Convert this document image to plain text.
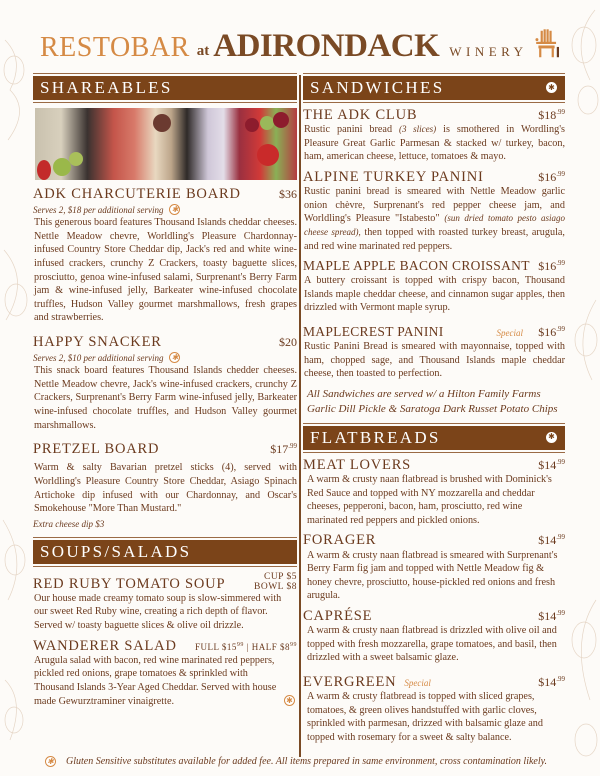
RESTOBAR at ADIRONDACK WINERY
SHAREABLES
ADK CHARCUTERIE BOARD	$36
Serves 2, $18 per additional serving ✱
This generous board features Thousand Islands cheddar cheeses. Nettle Meadow chevre, Worldling's Pleasure Chardonnay-infused Country Store Cheddar dip, Jack's red and white wine-infused crackers, crunchy Z Crackers, toasty baguette slices, prosciutto, genoa wine-infused salami, Surprenant's Berry Farm jam & wine-infused jelly, Barkeater wine-infused chocolate truffles, Hudson Valley gourmet marshmallows, fresh grapes and strawberries.
HAPPY SNACKER	$20
Serves 2, $10 per additional serving ✱
This snack board features Thousand Islands chedder cheeses. Nettle Meadow chevre, Jack's wine-infused crackers, crunchy Z Crackers, Surprenant's Berry Farm wine-infused jelly, Barkeater wine-infused chocolate truffles, and Hudson Valley gourmet marshmallows.
PRETZEL BOARD	$\$17^{.99}$
Warm & salty Bavarian pretzel sticks (4), served with Worldling's Pleasure Country Store Cheddar, Asiago Spinach Artichoke dip infused with our Chardonnay, and Oscar's Smokehouse "More Than Mustard."
Extra cheese dip $3
SOUPS/SALADS
RED RUBY TOMATO SOUP	CUP $5
BOWL $8
Our house made creamy tomato soup is slow-simmered with our sweet Red Ruby wine, creating a rich depth of flavor. Served w/ toasty baguette slices & olive oil drizzle.
WANDERER SALAD FULL $\$15^{99}$ | HALF $\$8^{99}$
Arugula salad with bacon, red wine marinated red peppers, pickled red onions, grape tomatoes & sprinkled with Thousand Islands 3-Year Aged Cheddar. Served with house made Gewurztraminer vinaigrette.	✱
SANDWICHES	✱
THE ADK CLUB	$\$18^{.99}$
Rustic panini bread (3 slices) is smothered in Wordling's Pleasure Great Garlic Parmesan & stacked w/ turkey, bacon, ham, american cheese, lettuce, tomatoes & mayo.
ALPINE TURKEY PANINI	$\$16^{.99}$
Rustic panini bread is smeared with Nettle Meadow garlic onion chèvre, Surprenant's red pepper cheese jam, and Worldling's Pleasure "Istabesto" (sun dried tomato pesto asiago cheese spread), then topped with roasted turkey breast, arugula, and red wine marinated red peppers.
MAPLE APPLE BACON CROISSANT $\$16^{.99}$
A buttery croissant is topped with crispy bacon, Thousand Islands maple cheddar cheese, and cinnamon sugar apples, then drizzled with Vermont maple syrup.
MAPLECREST PANINI	Special $\$16^{.99}$
Rustic Panini Bread is smeared with mayonnaise, topped with ham, chopped sage, and Thousand Islands maple cheddar cheese, then toasted to perfection.
All Sandwiches are served w/ a Hilton Family Farms Garlic Dill Pickle & Saratoga Dark Russet Potato Chips
FLATBREADS	✱
MEAT LOVERS	$\$14^{.99}$
A warm & crusty naan flatbread is brushed with Dominick's Red Sauce and topped with NY mozzarella and cheddar cheeses, pepperoni, bacon, ham, prosciutto, red wine marinated red peppers and pickled onions.
FORAGER	$\$14^{.99}$
A warm & crusty naan flatbread is smeared with Surprenant's Berry Farm fig jam and topped with Nettle Meadow fig & honey chevre, prosciutto, house-pickled red onions and fresh arugula.
CAPRÉSE	$\$14^{.99}$
A warm & crusty naan flatbread is drizzled with olive oil and topped with fresh mozzarella, grape tomatoes, and basil, then drizzled with a sweet balsamic glaze.
EVERGREEN Special	$\$14^{.99}$
A warm & crusty flatbread is topped with sliced grapes, tomatoes, & green olives handstuffed with garlic cloves, sprinkled with parmesan, drizzed with balsamic glaze and topped with rosemary for a sweet & salty balance.
✱ Gluten Sensitive substitutes available for added fee. All items prepared in same environment, cross contamination likely.
